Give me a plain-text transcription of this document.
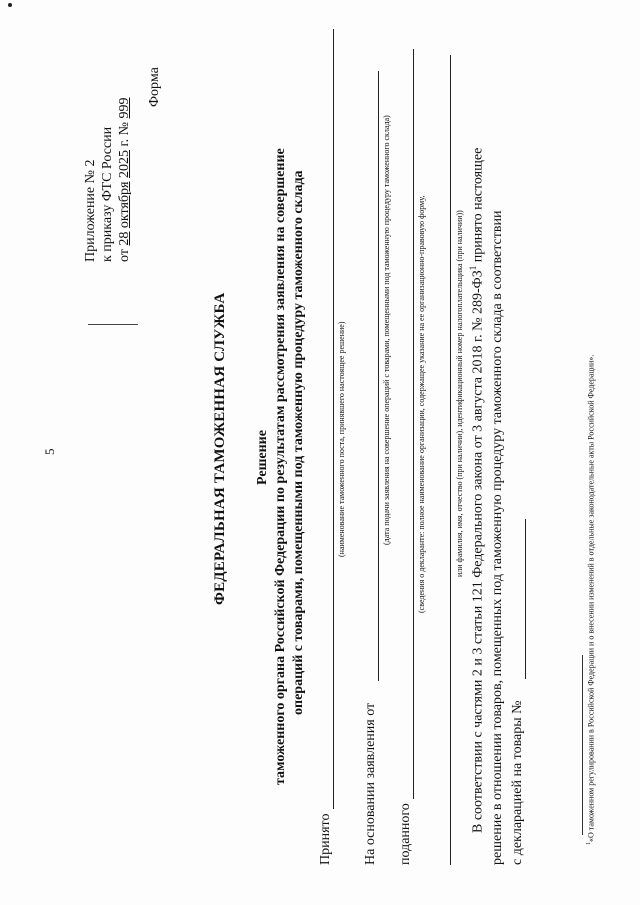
5
Приложение № 2 к приказу ФТС России от 28 октября 2025 г. № 999
Форма
ФЕДЕРАЛЬНАЯ ТАМОЖЕННАЯ СЛУЖБА Решение таможенного органа Российской Федерации по результатам рассмотрения заявления на совершение операций с товарами, помещенными под таможенную процедуру таможенного склада
Принято
(наименование таможенного поста, принявшего настоящее решение)
На основании заявления от
(дата подачи заявления на совершение операций с товарами, помещенными под таможенную процедуру таможенного склада)
поданного
(сведения о декларанте: полное наименование организации, содержащее указание на ее организационно-правовую форму,	или фамилия, имя, отчество (при наличии), идентификационный номер налогоплательщика (при наличии)) В соответствии с частями 2 и 3 статьи 121 Федерального закона от 3 августа 2018 г. № $289-ФЗ^1$ принято настоящее
решение в отношении товаров, помещенных под таможенную процедуру таможенного склада в соответствии с декларацией на товары №	$^1$«О таможенном регулировании в Российской Федерации и о внесении изменений в отдельные законодательные акты Российской Федерации».
